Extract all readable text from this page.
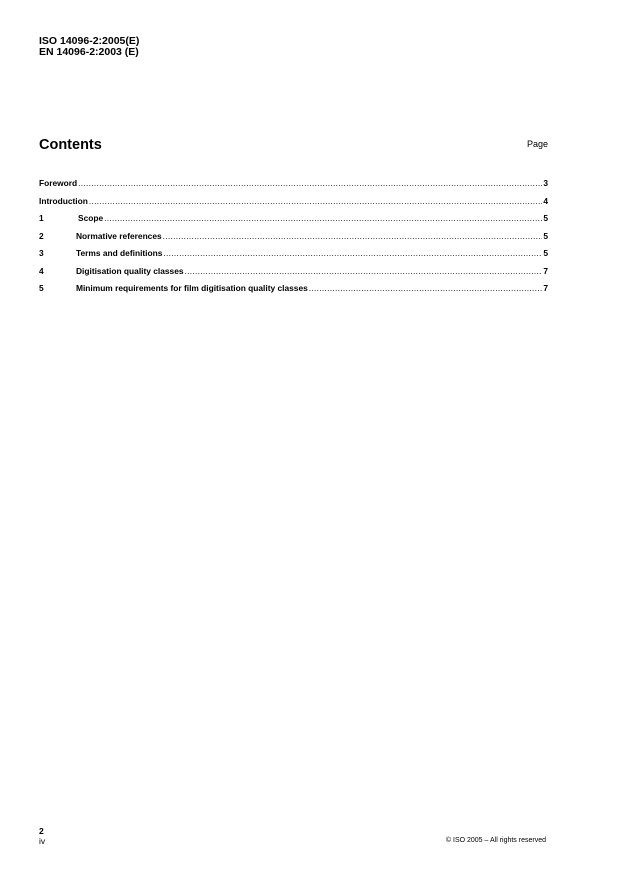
ISO 14096-2:2005(E)
EN 14096-2:2003 (E)
Contents	Page
Foreword .....	3
Introduction .....	4
1	Scope .....	5
2	Normative references .....	5
3	Terms and definitions .....	5
4	Digitisation quality classes .....	7
5	Minimum requirements for film digitisation quality classes .....	7
2
iv	© ISO 2005 – All rights reserved
